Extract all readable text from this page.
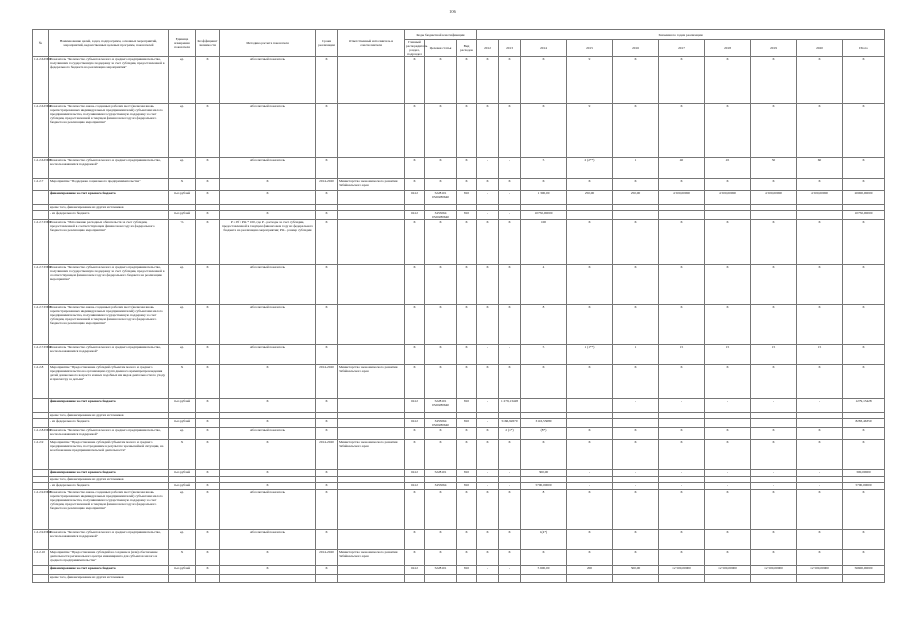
106
№	Наименование целей, задач, подпрограмм, основных мероприятий, мероприятий, ведомственных целевых программ, показателей	Единица измерения показателя	Коэффициент значимости	Методика расчета показателя	Сроки реализации	Ответственный исполнитель и соисполнители	Коды бюджетной классификации			Значения по годам реализации									
							Главный распорядитель
раздел, подраздел	Целевая статья	Вид расходов	2012	2013	2014	2015	2016	2017	2018	2019	2020	Итого
1.2.2.6.ПМ1	Показатель "Количество субъектов малого и среднего предпринимательства, получивших государственную поддержку за счет субсидии, предоставленной в федерального бюджета на реализацию мероприятия"	ед.	Х	Абсолютный показатель	Х		Х	Х	Х	Х	Х	Х	9	Х	Х	Х	Х	Х	Х
1.2.2.6.ПМ4	Показатель "Количество вновь созданных рабочих мест (включая вновь зарегистрированных индивидуальных предпринимателей) субъектами малого предпринимательства, получившими государственную поддержку за счет субсидии, предоставленной в текущем финансовом году из федерального бюджета на реализацию мероприятия"	ед.	Х	Абсолютный показатель	Х		Х	Х	Х	Х	Х	Х	9	Х	Х	Х	Х	Х	Х
1.2.2.6.ПМ5	Показатель "Количество субъектов малого и среднего предпринимательства, воспользовавшихся поддержкой"	ед.	Х	Абсолютный показатель	Х		Х	Х	Х	-	-	5	2 (2**)	1	40	45	50	60	Х
1.2.2.7	Мероприятие "Поддержка социального предпринимательства"	Х	Х	Х	2014-2020	Министерство экономического развития Забайкальского края	Х	Х	Х	Х	Х	Х	Х	Х	Х	Х	Х	Х	Х
	финансирование за счет краевого бюджета	тыс.рублей	Х	Х	Х		0412	5228101 0320280640	810	-	-	1 300,00	250,00	250,00	4 500,00000	4 500,00000	4 500,00000	4 500,00000	20000,00000
	кроме того, финансирование из других источников																		
	- из федерального бюджета	тыс.рублей	Х	Х	Х		0412	3455064 0320280640	810	-	-	10750,00000							10750,00000
1.2.2.7.ПМ1	Показатель "Исполнение расходных обязательств за счет субсидии, предоставленной в соответствующем финансовом году из федерального бюджета на реализацию мероприятия"	%	Х	P = Pf / Pm * 100, где P - расходы за счет субсидии, предоставленной в текущем финансовом году из федерального бюджета на реализацию мероприятия; Pm - размер субсидии	Х		Х	Х	Х	Х	Х	100	Х	Х	Х	Х	Х	Х	Х
1.2.2.7.ПМ2	Показатель "Количество субъектов малого и среднего предпринимательства, получивших государственную поддержку за счет субсидии, предоставленной в соответствующем финансовом году из федерального бюджета на реализацию мероприятия"	ед.	Х	Абсолютный показатель	Х		Х	Х	Х	Х	Х	4	Х	Х	Х	Х	Х	Х	Х
1.2.2.7.ПМ3	Показатель "Количество вновь созданных рабочих мест (включая вновь зарегистрированных индивидуальных предпринимателей) субъектами малого предпринимательства, получившими государственную поддержку за счет субсидии, предоставленной в текущем финансовом году из федерального бюджета на реализацию мероприятия"	ед.	Х	Абсолютный показатель	Х		Х	Х	Х	Х	Х	8	Х	Х	Х	Х	Х	Х	Х
1.2.2.7.ПМ4	Показатель "Количество субъектов малого и среднего предпринимательства, воспользовавшихся поддержкой"	ед.	Х	Абсолютный показатель	Х		Х	Х	Х	-	-	5	1 (1**)	1	15	15	15	15	Х
1.2.2.8	Мероприятие "Предоставление субсидий субъектам малого и среднего предпринимательства на организацию групп дневного времяпрепровождения детей дошкольного возраста и иных подобных им видов деятельности по уходу и присмотру за детьми"	Х	Х	Х	2014-2020	Министерство экономического развития Забайкальского края	Х	Х	Х	Х	Х	Х	Х	Х	Х	Х	Х	Х	Х
	финансирование за счет краевого бюджета	тыс.рублей	Х	Х	Х		0412	5228101 0320280640	810	-	1 279,13428			-	-	-	-	-	1279,13428
	кроме того, финансирование из других источников																		
	- из федерального бюджета	тыс.рублей	Х	Х	Х		0412	3455064 0320280640	810	-	5166,92670	3116,53680							8283,46350
1.2.2.8.ПМ1	Показатель "Количество субъектов малого и среднего предпринимательства, воспользовавшихся поддержкой"	ед.	Х	Абсолютный показатель	Х		Х	Х	Х	Х	2 (1*)	(8*)	Х	Х	Х	Х	Х	Х	Х
1.2.2.9	Мероприятие "Предоставление субсидий субъектам малого и среднего предпринимательства, пострадавшим в результате чрезвычайной ситуации, на возобновление предпринимательской деятельности"	Х	Х	Х	2014-2020	Министерство экономического развития Забайкальского края	Х	Х	Х	Х	Х	Х	Х	Х	Х	Х	Х	Х	Х
	финансирование за счет краевого бюджета	тыс.рублей	Х	Х	Х		0412	5228101	810	-	-	300,00	-	-	-	-	-	-	300,00000
	кроме того, финансирование из других источников																		
	- из федерального бюджета	тыс.рублей	Х	Х	Х		0412	3455064	810	-	-	5700,00000	-	-	-	-	-	-	5700,00000
1.2.2.9.ПМ3	Показатель "Количество вновь созданных рабочих мест (включая вновь зарегистрированных индивидуальных предпринимателей) субъектами малого предпринимательства, получившими государственную поддержку за счет субсидии, предоставленной в текущем финансовом году из федерального бюджета на реализацию мероприятия"	ед.	Х	Абсолютный показатель	Х		Х	Х	Х	Х	Х	8	Х	Х	Х	Х	Х	Х	Х
1.2.2.9.ПМ4	Показатель "Количество субъектов малого и среднего предпринимательства, воспользовавшихся поддержкой"	ед.	Х	Абсолютный показатель	Х		Х	Х	Х	Х	Х	1(4*)	Х	Х	Х	Х	Х	Х	Х
1.2.2.10	Мероприятие "Предоставление субсидий на создание и (или) обеспечение деятельности регионального центра инжиниринга для субъектов малого и среднего предпринимательства"	Х	Х	Х	2014-2020	Министерство экономического развития Забайкальского края	Х	Х	Х	Х	Х	Х	Х	Х	Х	Х	Х	Х	Х
	финансирование за счет краевого бюджета	тыс.рублей	Х	Х	Х		0412	5228101	810	-	-	5 600,00	200	500,00	12 500,00000	12 500,00000	12 500,00000	12 500,00000	56600,00000
	кроме того, финансирование из других источников																		
